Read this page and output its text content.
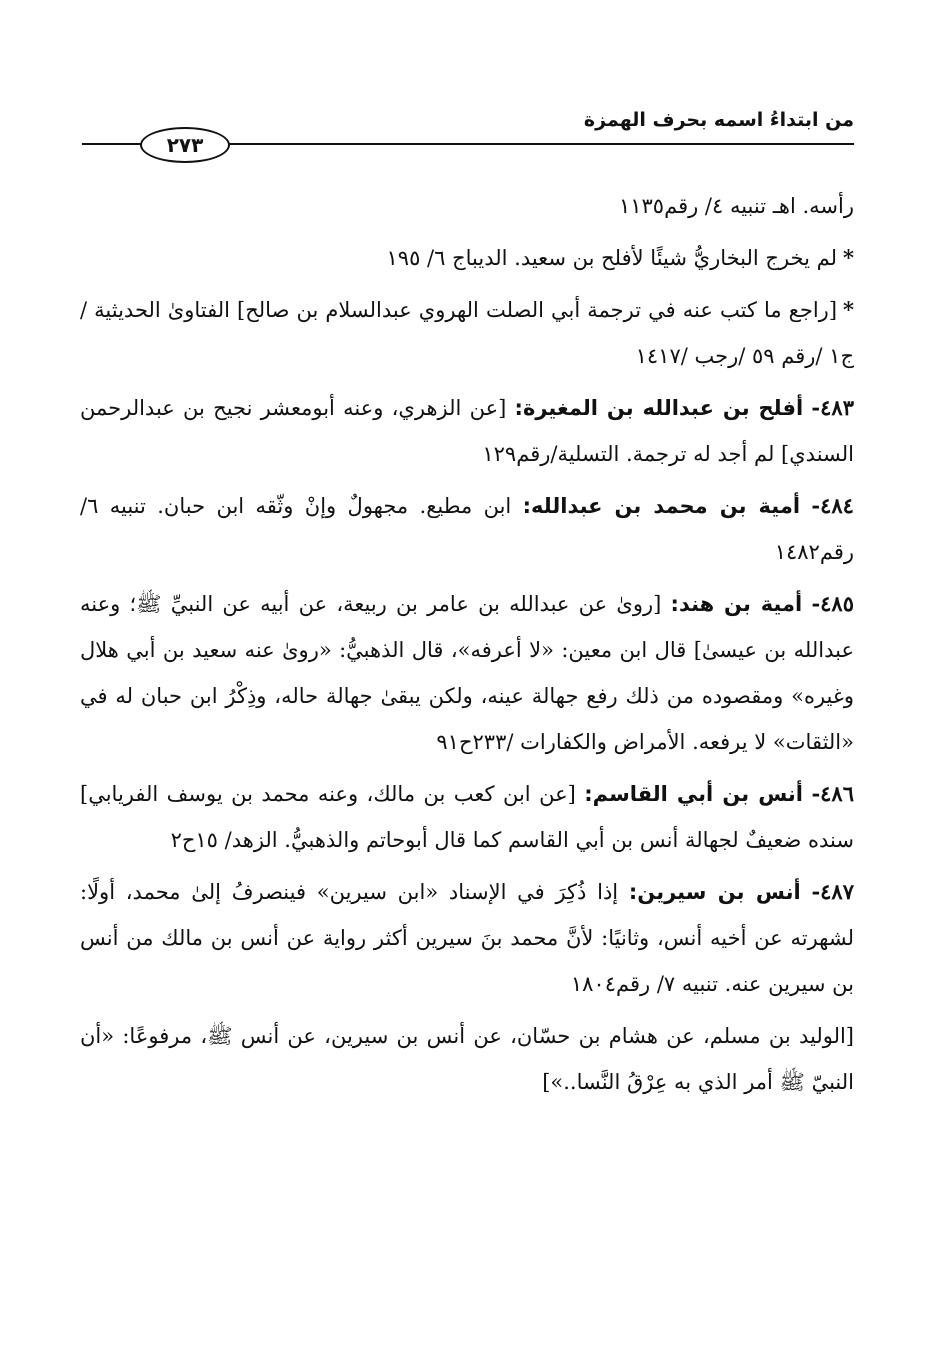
من ابتداءُ اسمه بحرف الهمزة
٢٧٣

رأسه. اهـ تنبيه ٤/ رقم١١٣٥

*لم يخرج البخاريُّ شيئًا لأفلح بن سعيد. الديباج ٦/ ١٩٥

*[راجع ما كتب عنه في ترجمة أبي الصلت الهروي عبدالسلام بن صالح] الفتاوىٰ الحديثية /ج١ /رقم ٥٩ /رجب /١٤١٧

٤٨٣- أفلح بن عبدالله بن المغيرة: [عن الزهري، وعنه أبومعشر نجيح بن عبدالرحمن السندي] لم أجد له ترجمة. التسلية/رقم١٢٩

٤٨٤- أمية بن محمد بن عبدالله: ابن مطيع. مجهولٌ وإنْ وثّقه ابن حبان. تنبيه ٦/ رقم١٤٨٢

٤٨٥- أمية بن هند: [روىٰ عن عبدالله بن عامر بن ربيعة، عن أبيه عن النبيِّ ﷺ؛ وعنه عبدالله بن عيسىٰ] قال ابن معين: «لا أعرفه»، قال الذهبيُّ: «روىٰ عنه سعيد بن أبي هلال وغيره» ومقصوده من ذلك رفع جهالة عينه، ولكن يبقىٰ جهالة حاله، وذِكْرُ ابن حبان له في «الثقات» لا يرفعه. الأمراض والكفارات /٢٣٣ح٩١

٤٨٦- أنس بن أبي القاسم: [عن ابن كعب بن مالك، وعنه محمد بن يوسف الفريابي] سنده ضعيفٌ لجهالة أنس بن أبي القاسم كما قال أبوحاتم والذهبيُّ. الزهد/ ١٥ح٢

٤٨٧- أنس بن سيرين: إذا ذُكِرَ في الإسناد «ابن سيرين» فينصرفُ إلىٰ محمد، أولًا: لشهرته عن أخيه أنس، وثانيًا: لأنَّ محمد بنَ سيرين أكثر رواية عن أنس بن مالك من أنس بن سيرين عنه. تنبيه ٧/ رقم١٨٠٤

[الوليد بن مسلم، عن هشام بن حسّان، عن أنس بن سيرين، عن أنس ﷺ، مرفوعًا: «أن النبيّ ﷺ أمر الذي به عِرْقُ النَّسا..»]
